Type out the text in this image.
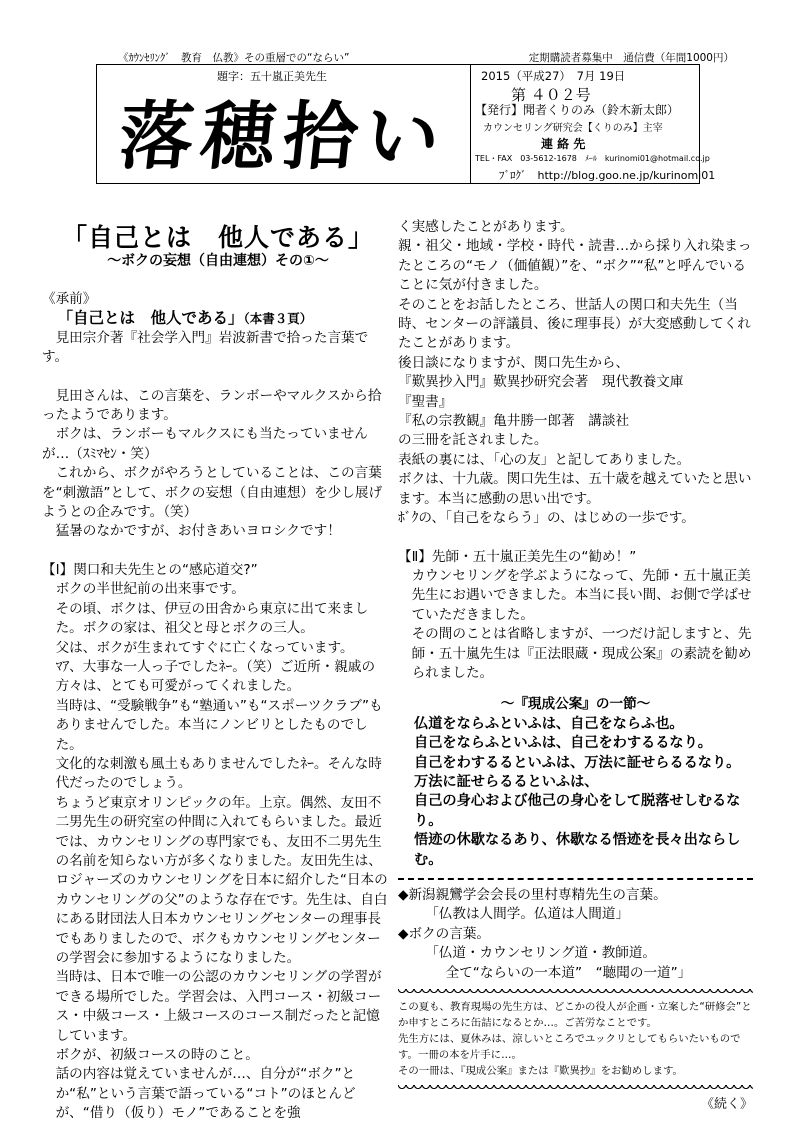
《ｶｳﾝｾﾘﾝｸﾞ　教育　仏教》その重層での“ならい”	定期購読者募集中　通信費（年間1000円）
題字：五十嵐正美先生
落穂拾い
2015（平成27）　7月 19日
第 ４０２号
【発行】聞者くりのみ（鈴木新太郎）
カウンセリング研究会【くりのみ】主宰
連 絡 先
TEL・FAX　03-5612-1678　ﾒｰﾙ　kurinomi01@hotmail.co.jp
ﾌﾞﾛｸﾞ　http://blog.goo.ne.jp/kurinomi01
「自己とは　他人である」
～ボクの妄想（自由連想）その①～

《承前》

「自己とは　他人である」（本書３頁）

見田宗介著『社会学入門』岩波新書で拾った言葉です。

見田さんは、この言葉を、ランボーやマルクスから拾ったようであります。

ボクは、ランボーもマルクスにも当たっていませんが…（ｽﾐﾏｾﾝ・笑）

これから、ボクがやろうとしていることは、この言葉を“刺激語”として、ボクの妄想（自由連想）を少し展げようとの企みです。（笑）

猛暑のなかですが、お付きあいヨロシクです！

【Ⅰ】関口和夫先生との“感応道交?”

ボクの半世紀前の出来事です。

その頃、ボクは、伊豆の田舎から東京に出て来ました。ボクの家は、祖父と母とボクの三人。

父は、ボクが生まれてすぐに亡くなっています。

ﾏｱ、大事な一人っ子でしたﾈｰ。（笑）ご近所・親戚の方々は、とても可愛がってくれました。

当時は、“受験戦争”も“塾通い”も“スポーツクラブ”もありませんでした。本当にノンビリとしたものでした。

文化的な刺激も風土もありませんでしたﾈｰ。そんな時代だったのでしょう。

ちょうど東京オリンピックの年。上京。偶然、友田不二男先生の研究室の仲間に入れてもらいました。最近では、カウンセリングの専門家でも、友田不二男先生の名前を知らない方が多くなりました。友田先生は、ロジャーズのカウンセリングを日本に紹介した“日本のカウンセリングの父”のような存在です。先生は、自白にある財団法人日本カウンセリングセンターの理事長でもありましたので、ボクもカウンセリングセンターの学習会に参加するようになりました。

当時は、日本で唯一の公認のカウンセリングの学習ができる場所でした。学習会は、入門コース・初級コース・中級コース・上級コースのコース制だったと記憶しています。

ボクが、初級コースの時のこと。

話の内容は覚えていませんが…、自分が“ボク”とか“私”という言葉で語っている“コト”のほとんどが、“借り（仮り）モノ”であることを強

く実感したことがあります。

親・祖父・地域・学校・時代・読書…から採り入れ染まったところの“モノ（価値観）”を、“ボク”“私”と呼んでいることに気が付きました。

そのことをお話したところ、世話人の関口和夫先生（当時、センターの評議員、後に理事長）が大変感動してくれたことがあります。

後日談になりますが、関口先生から、

『歎異抄入門』歎異抄研究会著　現代教養文庫

『聖書』

『私の宗教観』亀井勝一郎著　講談社

の三冊を託されました。

表紙の裏には、「心の友」と記してありました。

ボクは、十九歳。関口先生は、五十歳を越えていたと思います。本当に感動の思い出です。

ﾎﾞｸの、「自己をならう」の、はじめの一歩です。

【Ⅱ】先師・五十嵐正美先生の“勧め！”

カウンセリングを学ぶようになって、先師・五十嵐正美先生にお遇いできました。本当に長い間、お側で学ばせていただきました。

その間のことは省略しますが、一つだけ記しますと、先師・五十嵐先生は『正法眼蔵・現成公案』の素読を勧められました。

～『現成公案』の一節～

仏道をならふといふは、自己をならふ也。

自己をならふといふは、自己をわするるなり。

自己をわするるといふは、万法に証せらるるなり。

万法に証せらるるといふは、

自己の身心および他己の身心をして脱落せしむるなり。

悟迹の休歇なるあり、休歇なる悟迹を長々出ならしむ。

◆新潟親鸞学会会長の里村専精先生の言葉。

「仏教は人間学。仏道は人間道」

◆ボクの言葉。

「仏道・カウンセリング道・教師道。

全て“ならいの一本道”　“聴聞の一道”」

この夏も、教育現場の先生方は、どこかの役人が企画・立案した“研修会”とか申すところに缶詰になるとか…。ご苦労なことです。

先生方には、夏休みは、涼しいところでユックリとしてもらいたいものです。一冊の本を片手に…。

その一冊は、『現成公案』または『歎異抄』をお勧めします。

《続く》
